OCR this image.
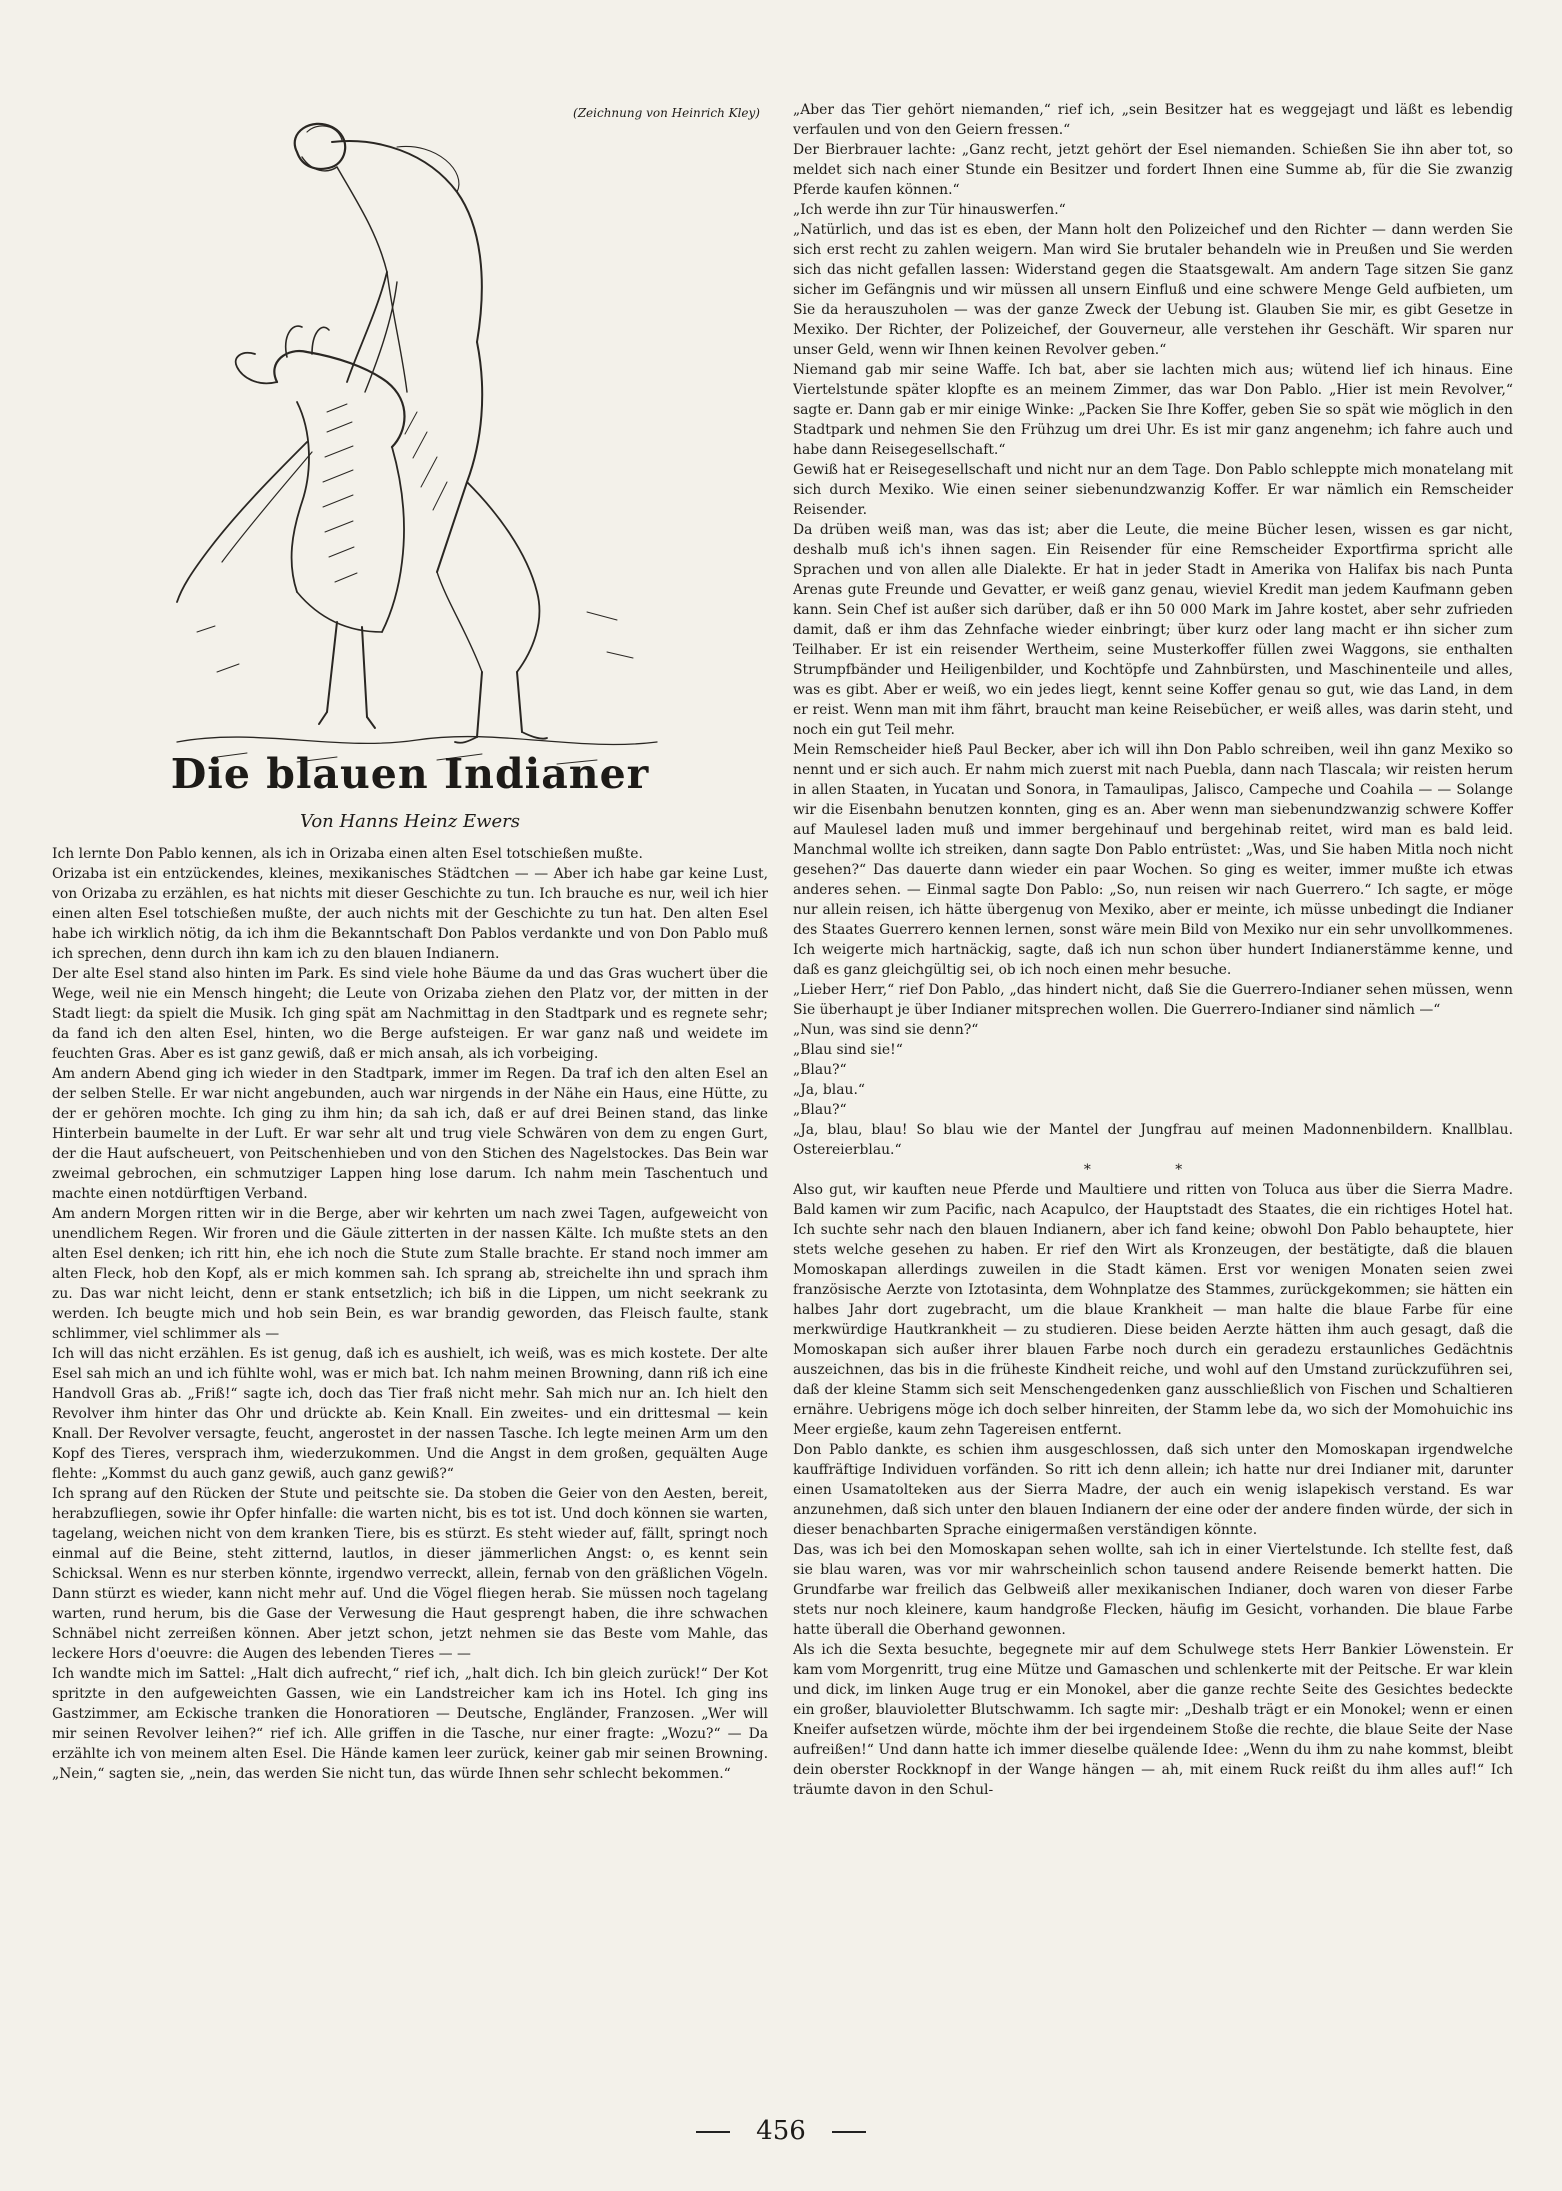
(Zeichnung von Heinrich Kley)
Die blauen Indianer
Von Hanns Heinz Ewers

Ich lernte Don Pablo kennen, als ich in Orizaba einen alten Esel totschießen mußte.

Orizaba ist ein entzückendes, kleines, mexikanisches Städtchen — — Aber ich habe gar keine Lust, von Orizaba zu erzählen, es hat nichts mit dieser Geschichte zu tun. Ich brauche es nur, weil ich hier einen alten Esel totschießen mußte, der auch nichts mit der Geschichte zu tun hat. Den alten Esel habe ich wirklich nötig, da ich ihm die Bekanntschaft Don Pablos verdankte und von Don Pablo muß ich sprechen, denn durch ihn kam ich zu den blauen Indianern.

Der alte Esel stand also hinten im Park. Es sind viele hohe Bäume da und das Gras wuchert über die Wege, weil nie ein Mensch hingeht; die Leute von Orizaba ziehen den Platz vor, der mitten in der Stadt liegt: da spielt die Musik. Ich ging spät am Nachmittag in den Stadtpark und es regnete sehr; da fand ich den alten Esel, hinten, wo die Berge aufsteigen. Er war ganz naß und weidete im feuchten Gras. Aber es ist ganz gewiß, daß er mich ansah, als ich vorbeiging.

Am andern Abend ging ich wieder in den Stadtpark, immer im Regen. Da traf ich den alten Esel an der selben Stelle. Er war nicht angebunden, auch war nirgends in der Nähe ein Haus, eine Hütte, zu der er gehören mochte. Ich ging zu ihm hin; da sah ich, daß er auf drei Beinen stand, das linke Hinterbein baumelte in der Luft. Er war sehr alt und trug viele Schwären von dem zu engen Gurt, der die Haut aufscheuert, von Peitschenhieben und von den Stichen des Nagelstockes. Das Bein war zweimal gebrochen, ein schmutziger Lappen hing lose darum. Ich nahm mein Taschentuch und machte einen notdürftigen Verband.

Am andern Morgen ritten wir in die Berge, aber wir kehrten um nach zwei Tagen, aufgeweicht von unendlichem Regen. Wir froren und die Gäule zitterten in der nassen Kälte. Ich mußte stets an den alten Esel denken; ich ritt hin, ehe ich noch die Stute zum Stalle brachte. Er stand noch immer am alten Fleck, hob den Kopf, als er mich kommen sah. Ich sprang ab, streichelte ihn und sprach ihm zu. Das war nicht leicht, denn er stank entsetzlich; ich biß in die Lippen, um nicht seekrank zu werden. Ich beugte mich und hob sein Bein, es war brandig geworden, das Fleisch faulte, stank schlimmer, viel schlimmer als —

Ich will das nicht erzählen. Es ist genug, daß ich es aushielt, ich weiß, was es mich kostete. Der alte Esel sah mich an und ich fühlte wohl, was er mich bat. Ich nahm meinen Browning, dann riß ich eine Handvoll Gras ab. „Friß!“ sagte ich, doch das Tier fraß nicht mehr. Sah mich nur an. Ich hielt den Revolver ihm hinter das Ohr und drückte ab. Kein Knall. Ein zweites- und ein drittesmal — kein Knall. Der Revolver versagte, feucht, angerostet in der nassen Tasche. Ich legte meinen Arm um den Kopf des Tieres, versprach ihm, wiederzukommen. Und die Angst in dem großen, gequälten Auge flehte: „Kommst du auch ganz gewiß, auch ganz gewiß?“

Ich sprang auf den Rücken der Stute und peitschte sie. Da stoben die Geier von den Aesten, bereit, herabzufliegen, sowie ihr Opfer hinfalle: die warten nicht, bis es tot ist. Und doch können sie warten, tagelang, weichen nicht von dem kranken Tiere, bis es stürzt. Es steht wieder auf, fällt, springt noch einmal auf die Beine, steht zitternd, lautlos, in dieser jämmerlichen Angst: o, es kennt sein Schicksal. Wenn es nur sterben könnte, irgendwo verreckt, allein, fernab von den gräßlichen Vögeln. Dann stürzt es wieder, kann nicht mehr auf. Und die Vögel fliegen herab. Sie müssen noch tagelang warten, rund herum, bis die Gase der Verwesung die Haut gesprengt haben, die ihre schwachen Schnäbel nicht zerreißen können. Aber jetzt schon, jetzt nehmen sie das Beste vom Mahle, das leckere Hors d'oeuvre: die Augen des lebenden Tieres — —

Ich wandte mich im Sattel: „Halt dich aufrecht,“ rief ich, „halt dich. Ich bin gleich zurück!“ Der Kot spritzte in den aufgeweichten Gassen, wie ein Landstreicher kam ich ins Hotel. Ich ging ins Gastzimmer, am Eckische tranken die Honoratioren — Deutsche, Engländer, Franzosen. „Wer will mir seinen Revolver leihen?“ rief ich. Alle griffen in die Tasche, nur einer fragte: „Wozu?“ — Da erzählte ich von meinem alten Esel. Die Hände kamen leer zurück, keiner gab mir seinen Browning. „Nein,“ sagten sie, „nein, das werden Sie nicht tun, das würde Ihnen sehr schlecht bekommen.“

„Aber das Tier gehört niemanden,“ rief ich, „sein Besitzer hat es weggejagt und läßt es lebendig verfaulen und von den Geiern fressen.“

Der Bierbrauer lachte: „Ganz recht, jetzt gehört der Esel niemanden. Schießen Sie ihn aber tot, so meldet sich nach einer Stunde ein Besitzer und fordert Ihnen eine Summe ab, für die Sie zwanzig Pferde kaufen können.“

„Ich werde ihn zur Tür hinauswerfen.“

„Natürlich, und das ist es eben, der Mann holt den Polizeichef und den Richter — dann werden Sie sich erst recht zu zahlen weigern. Man wird Sie brutaler behandeln wie in Preußen und Sie werden sich das nicht gefallen lassen: Widerstand gegen die Staatsgewalt. Am andern Tage sitzen Sie ganz sicher im Gefängnis und wir müssen all unsern Einfluß und eine schwere Menge Geld aufbieten, um Sie da herauszuholen — was der ganze Zweck der Uebung ist. Glauben Sie mir, es gibt Gesetze in Mexiko. Der Richter, der Polizeichef, der Gouverneur, alle verstehen ihr Geschäft. Wir sparen nur unser Geld, wenn wir Ihnen keinen Revolver geben.“

Niemand gab mir seine Waffe. Ich bat, aber sie lachten mich aus; wütend lief ich hinaus. Eine Viertelstunde später klopfte es an meinem Zimmer, das war Don Pablo. „Hier ist mein Revolver,“ sagte er. Dann gab er mir einige Winke: „Packen Sie Ihre Koffer, geben Sie so spät wie möglich in den Stadtpark und nehmen Sie den Frühzug um drei Uhr. Es ist mir ganz angenehm; ich fahre auch und habe dann Reisegesellschaft.“

Gewiß hat er Reisegesellschaft und nicht nur an dem Tage. Don Pablo schleppte mich monatelang mit sich durch Mexiko. Wie einen seiner siebenundzwanzig Koffer. Er war nämlich ein Remscheider Reisender.

Da drüben weiß man, was das ist; aber die Leute, die meine Bücher lesen, wissen es gar nicht, deshalb muß ich's ihnen sagen. Ein Reisender für eine Remscheider Exportfirma spricht alle Sprachen und von allen alle Dialekte. Er hat in jeder Stadt in Amerika von Halifax bis nach Punta Arenas gute Freunde und Gevatter, er weiß ganz genau, wieviel Kredit man jedem Kaufmann geben kann. Sein Chef ist außer sich darüber, daß er ihn 50 000 Mark im Jahre kostet, aber sehr zufrieden damit, daß er ihm das Zehnfache wieder einbringt; über kurz oder lang macht er ihn sicher zum Teilhaber. Er ist ein reisender Wertheim, seine Musterkoffer füllen zwei Waggons, sie enthalten Strumpfbänder und Heiligenbilder, und Kochtöpfe und Zahnbürsten, und Maschinenteile und alles, was es gibt. Aber er weiß, wo ein jedes liegt, kennt seine Koffer genau so gut, wie das Land, in dem er reist. Wenn man mit ihm fährt, braucht man keine Reisebücher, er weiß alles, was darin steht, und noch ein gut Teil mehr.

Mein Remscheider hieß Paul Becker, aber ich will ihn Don Pablo schreiben, weil ihn ganz Mexiko so nennt und er sich auch. Er nahm mich zuerst mit nach Puebla, dann nach Tlascala; wir reisten herum in allen Staaten, in Yucatan und Sonora, in Tamaulipas, Jalisco, Campeche und Coahila — — Solange wir die Eisenbahn benutzen konnten, ging es an. Aber wenn man siebenundzwanzig schwere Koffer auf Maulesel laden muß und immer bergehinauf und bergehinab reitet, wird man es bald leid. Manchmal wollte ich streiken, dann sagte Don Pablo entrüstet: „Was, und Sie haben Mitla noch nicht gesehen?“ Das dauerte dann wieder ein paar Wochen. So ging es weiter, immer mußte ich etwas anderes sehen. — Einmal sagte Don Pablo: „So, nun reisen wir nach Guerrero.“ Ich sagte, er möge nur allein reisen, ich hätte übergenug von Mexiko, aber er meinte, ich müsse unbedingt die Indianer des Staates Guerrero kennen lernen, sonst wäre mein Bild von Mexiko nur ein sehr unvollkommenes. Ich weigerte mich hartnäckig, sagte, daß ich nun schon über hundert Indianerstämme kenne, und daß es ganz gleichgültig sei, ob ich noch einen mehr besuche.

„Lieber Herr,“ rief Don Pablo, „das hindert nicht, daß Sie die Guerrero-Indianer sehen müssen, wenn Sie überhaupt je über Indianer mitsprechen wollen. Die Guerrero-Indianer sind nämlich —“

„Nun, was sind sie denn?“

„Blau sind sie!“

„Blau?“

„Ja, blau.“

„Blau?“

„Ja, blau, blau! So blau wie der Mantel der Jungfrau auf meinen Madonnenbildern. Knallblau. Ostereierblau.“

* *

Also gut, wir kauften neue Pferde und Maultiere und ritten von Toluca aus über die Sierra Madre. Bald kamen wir zum Pacific, nach Acapulco, der Hauptstadt des Staates, die ein richtiges Hotel hat. Ich suchte sehr nach den blauen Indianern, aber ich fand keine; obwohl Don Pablo behauptete, hier stets welche gesehen zu haben. Er rief den Wirt als Kronzeugen, der bestätigte, daß die blauen Momoskapan allerdings zuweilen in die Stadt kämen. Erst vor wenigen Monaten seien zwei französische Aerzte von Iztotasinta, dem Wohnplatze des Stammes, zurückgekommen; sie hätten ein halbes Jahr dort zugebracht, um die blaue Krankheit — man halte die blaue Farbe für eine merkwürdige Hautkrankheit — zu studieren. Diese beiden Aerzte hätten ihm auch gesagt, daß die Momoskapan sich außer ihrer blauen Farbe noch durch ein geradezu erstaunliches Gedächtnis auszeichnen, das bis in die früheste Kindheit reiche, und wohl auf den Umstand zurückzuführen sei, daß der kleine Stamm sich seit Menschengedenken ganz ausschließlich von Fischen und Schaltieren ernähre. Uebrigens möge ich doch selber hinreiten, der Stamm lebe da, wo sich der Momohuichic ins Meer ergieße, kaum zehn Tagereisen entfernt.

Don Pablo dankte, es schien ihm ausgeschlossen, daß sich unter den Momoskapan irgendwelche kauffräftige Individuen vorfänden. So ritt ich denn allein; ich hatte nur drei Indianer mit, darunter einen Usamatolteken aus der Sierra Madre, der auch ein wenig islapekisch verstand. Es war anzunehmen, daß sich unter den blauen Indianern der eine oder der andere finden würde, der sich in dieser benachbarten Sprache einigermaßen verständigen könnte.

Das, was ich bei den Momoskapan sehen wollte, sah ich in einer Viertelstunde. Ich stellte fest, daß sie blau waren, was vor mir wahrscheinlich schon tausend andere Reisende bemerkt hatten. Die Grundfarbe war freilich das Gelbweiß aller mexikanischen Indianer, doch waren von dieser Farbe stets nur noch kleinere, kaum handgroße Flecken, häufig im Gesicht, vorhanden. Die blaue Farbe hatte überall die Oberhand gewonnen.

Als ich die Sexta besuchte, begegnete mir auf dem Schulwege stets Herr Bankier Löwenstein. Er kam vom Morgenritt, trug eine Mütze und Gamaschen und schlenkerte mit der Peitsche. Er war klein und dick, im linken Auge trug er ein Monokel, aber die ganze rechte Seite des Gesichtes bedeckte ein großer, blauvioletter Blutschwamm. Ich sagte mir: „Deshalb trägt er ein Monokel; wenn er einen Kneifer aufsetzen würde, möchte ihm der bei irgendeinem Stoße die rechte, die blaue Seite der Nase aufreißen!“ Und dann hatte ich immer dieselbe quälende Idee: „Wenn du ihm zu nahe kommst, bleibt dein oberster Rockknopf in der Wange hängen — ah, mit einem Ruck reißt du ihm alles auf!“ Ich träumte davon in den Schul-

456
